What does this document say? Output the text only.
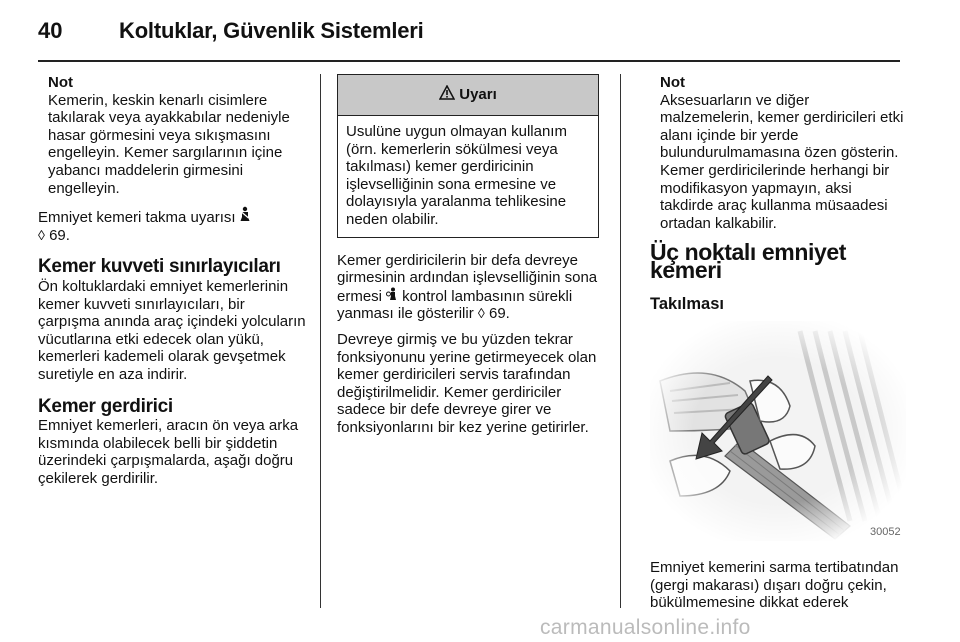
40	Koltuklar, Güvenlik Sistemleri
Not
Kemerin, keskin kenarlı cisimlere
takılarak veya ayakkabılar nedeniyle hasar görmesini veya sıkışmasını engelleyin. Kemer sargılarının içine yabancı maddelerin girmesini engelleyin.

Emniyet kemeri takma uyarısı
◊ 69.

Kemer kuvveti sınırlayıcıları

Ön koltuklardaki emniyet kemerlerinin kemer kuvveti sınırlayıcıları, bir çarpışma anında araç içindeki yolcuların vücutlarına etki edecek olan yükü, kemerleri kademeli olarak gevşetmek suretiyle en aza indirir.

Kemer gerdirici

Emniyet kemerleri, aracın ön veya arka kısmında olabilecek belli bir şiddetin üzerindeki çarpışmalarda, aşağı doğru çekilerek gerdirilir.

Uyarı
Usulüne uygun olmayan kullanım (örn. kemerlerin sökülmesi veya takılması) kemer gerdiricinin işlevselliğinin sona ermesine ve dolayısıyla yaralanma tehlikesine neden olabilir.

Kemer gerdiricilerin bir defa devreye girmesinin ardından işlevselliğinin sona ermesi kontrol lambasının sürekli yanması ile gösterilir ◊ 69.

Devreye girmiş ve bu yüzden tekrar fonksiyonunu yerine getirmeyecek olan kemer gerdiricileri servis tarafından değiştirilmelidir. Kemer gerdiriciler sadece bir defe devreye girer ve fonksiyonlarını bir kez yerine getirirler.

Not
Aksesuarların ve diğer
malzemelerin, kemer gerdiricileri etki alanı içinde bir yerde bulundurulmamasına özen gösterin. Kemer gerdiricilerinde herhangi bir modifikasyon yapmayın, aksi takdirde araç kullanma müsaadesi ortadan kalkabilir.
Üç noktalı emniyet kemeri
Takılması
30052

Emniyet kemerini sarma tertibatından (gergi makarası) dışarı doğru çekin, bükülmemesine dikkat ederek

carmanualsonline.info
